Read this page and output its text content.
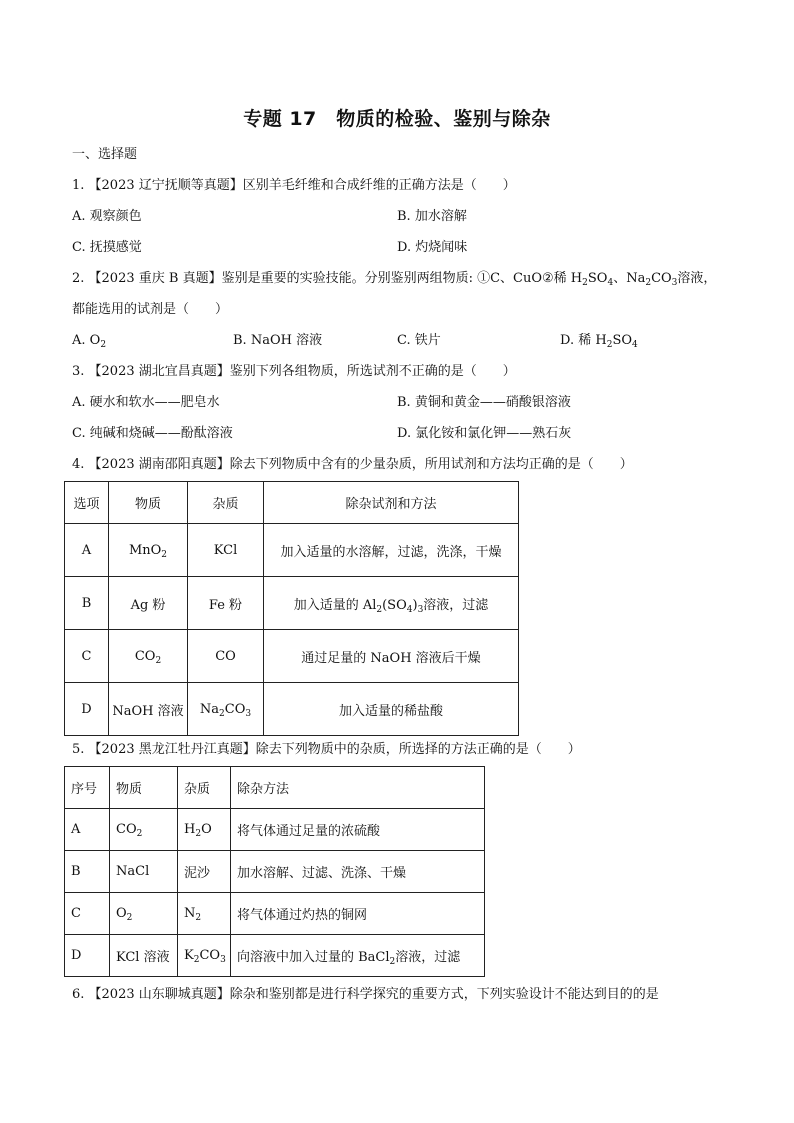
专题 17　物质的检验、鉴别与除杂
一、选择题
1. 【2023 辽宁抚顺等真题】区别羊毛纤维和合成纤维的正确方法是（　　）
A. 观察颜色	B. 加水溶解
C. 抚摸感觉	D. 灼烧闻味
2. 【2023 重庆 B 真题】鉴别是重要的实验技能。分别鉴别两组物质: ①C、CuO②稀 $H_2SO_4$、$Na_2CO_3$溶液，
都能选用的试剂是（　　）
A. $O_2$	B. NaOH 溶液	C. 铁片	D. 稀 $H_2SO_4$
3. 【2023 湖北宜昌真题】鉴别下列各组物质，所选试剂不正确的是（　　）
A. 硬水和软水——肥皂水	B. 黄铜和黄金——硝酸银溶液
C. 纯碱和烧碱——酚酞溶液	D. 氯化铵和氯化钾——熟石灰
4. 【2023 湖南邵阳真题】除去下列物质中含有的少量杂质，所用试剂和方法均正确的是（　　）
选项	物质	杂质	除杂试剂和方法
A	MnO$_2$	KCl	加入适量的水溶解，过滤，洗涤，干燥
B	Ag 粉	Fe 粉	加入适量的 $Al_2(SO_4)_3$溶液，过滤
C	$CO_2$	CO	通过足量的 NaOH 溶液后干燥
D	NaOH 溶液	$Na_2CO_3$	加入适量的稀盐酸
5. 【2023 黑龙江牡丹江真题】除去下列物质中的杂质，所选择的方法正确的是（　　）
序号	物质	杂质	除杂方法
A	$CO_2$	$H_2O$	将气体通过足量的浓硫酸
B	NaCl	泥沙	加水溶解、过滤、洗涤、干燥
C	$O_2$	$N_2$	将气体通过灼热的铜网
D	KCl 溶液	$K_2CO_3$	向溶液中加入过量的 BaCl$_2$溶液，过滤
6. 【2023 山东聊城真题】除杂和鉴别都是进行科学探究的重要方式，下列实验设计不能达到目的的是
